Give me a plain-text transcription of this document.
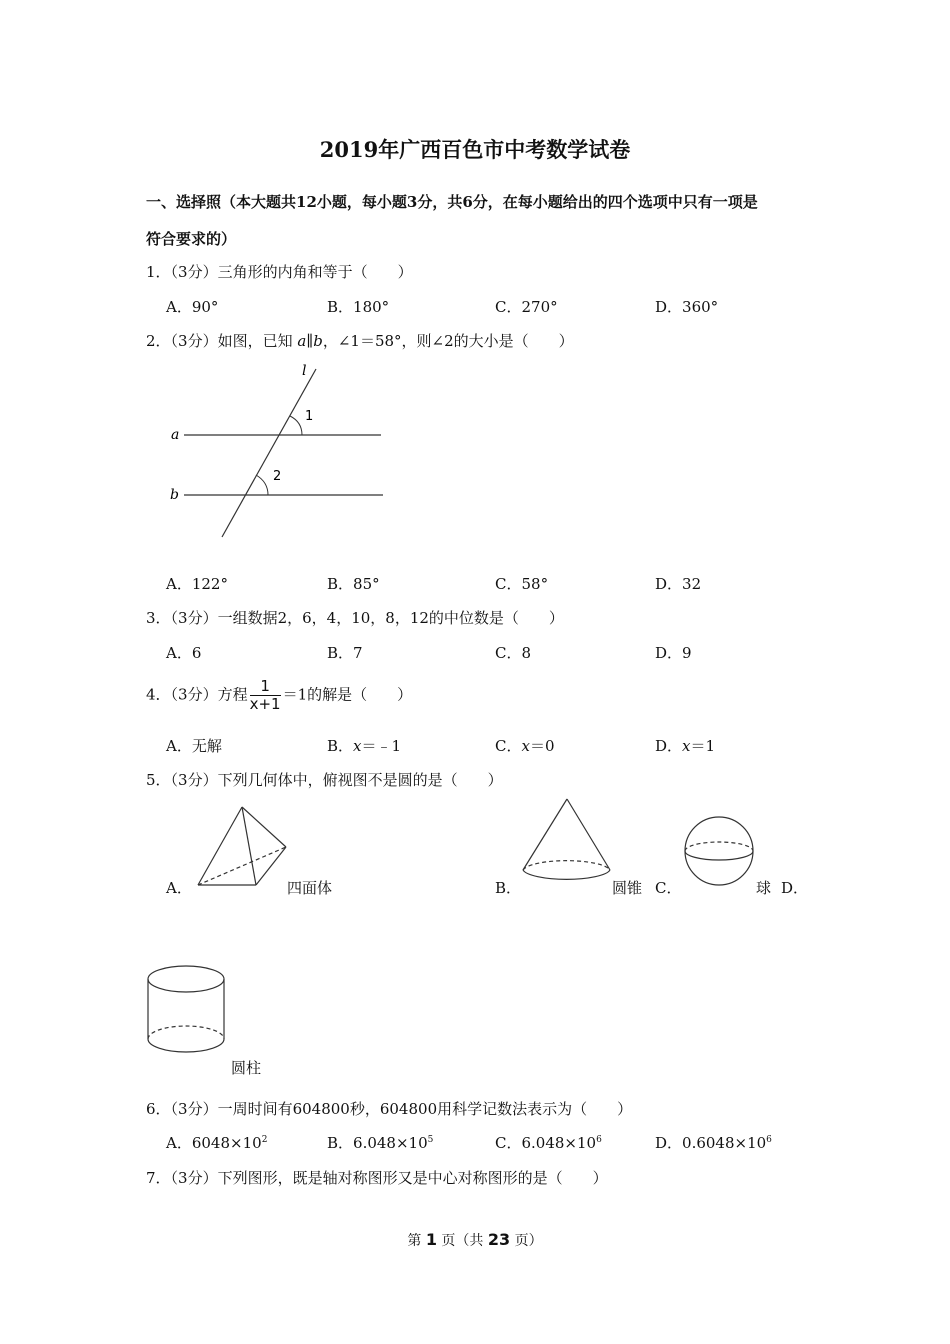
2019年广西百色市中考数学试卷
一、选择照（本大题共12小题，每小题3分，共6分，在每小题给出的四个选项中只有一项是
符合要求的）
1．（3分）三角形的内角和等于（　　）
A．90°	B．180°	C．270°	D．360°
2．（3分）如图，已知 a∥b，∠1＝58°，则∠2的大小是（　　）
l
a
b
1
2
A．122°	B．85°	C．58°	D．32
3．（3分）一组数据2，6，4，10，8，12的中位数是（　　）
A．6	B．7	C．8	D．9
4．（3分）方程 $\frac{1}{x+1} =1$的解是（　　）
A．无解	B．x＝﹣1	C．x＝0	D．x＝1
5．（3分）下列几何体中，俯视图不是圆的是（　　）
A．	四面体	B．	圆锥 C．	球 D．
圆柱
6．（3分）一周时间有604800秒，604800用科学记数法表示为（　　）
A．$6048\times 10^2$	B．$6.048\times 10^5$	C．$6.048\times 10^6$	D．$0.6048\times 10^6$
7．（3分）下列图形，既是轴对称图形又是中心对称图形的是（　　）
第 1 页（共 23 页）
